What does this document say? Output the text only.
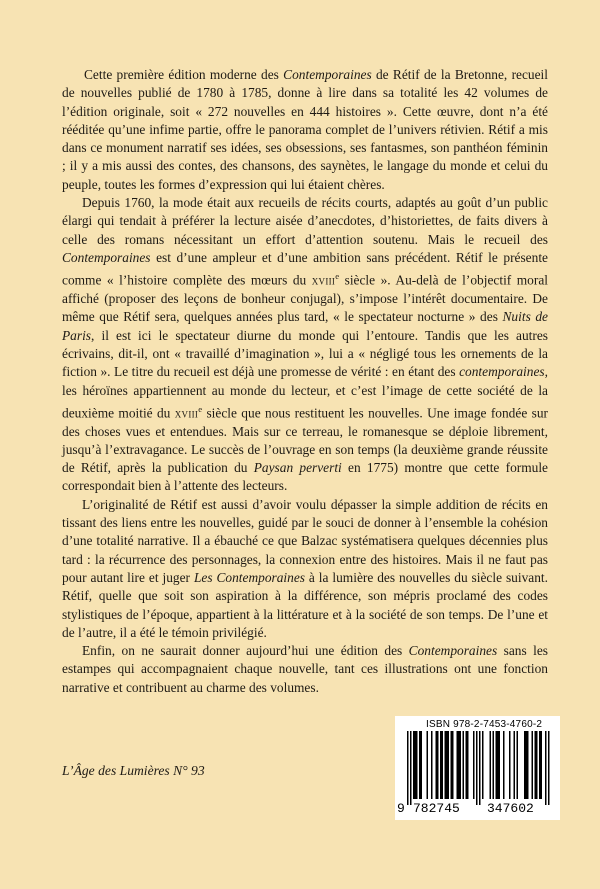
Cette première édition moderne des Contemporaines de Rétif de la Bretonne, recueil de nouvelles publié de 1780 à 1785, donne à lire dans sa totalité les 42 volumes de l’édition originale, soit « 272 nouvelles en 444 histoires ». Cette œuvre, dont n’a été rééditée qu’une infime partie, offre le panorama complet de l’univers rétivien. Rétif a mis dans ce monument narratif ses idées, ses obsessions, ses fantasmes, son panthéon féminin ; il y a mis aussi des contes, des chansons, des saynètes, le langage du monde et celui du peuple, toutes les formes d’expression qui lui étaient chères.

Depuis 1760, la mode était aux recueils de récits courts, adaptés au goût d’un public élargi qui tendait à préférer la lecture aisée d’anecdotes, d’historiettes, de faits divers à celle des romans nécessitant un effort d’attention soutenu. Mais le recueil des Contemporaines est d’une ampleur et d’une ambition sans précédent. Rétif le présente comme « l’histoire complète des mœurs du xviii$^e$ siècle ». Au-delà de l’objectif moral affiché (proposer des leçons de bonheur conjugal), s’impose l’intérêt documentaire. De même que Rétif sera, quelques années plus tard, « le spectateur nocturne » des Nuits de Paris, il est ici le spectateur diurne du monde qui l’entoure. Tandis que les autres écrivains, dit-il, ont « travaillé d’imagination », lui a « négligé tous les ornements de la fiction ». Le titre du recueil est déjà une promesse de vérité : en étant des contemporaines, les héroïnes appartiennent au monde du lecteur, et c’est l’image de cette société de la deuxième moitié du xviii$^e$ siècle que nous restituent les nouvelles. Une image fondée sur des choses vues et entendues. Mais sur ce terreau, le romanesque se déploie librement, jusqu’à l’extravagance. Le succès de l’ouvrage en son temps (la deuxième grande réussite de Rétif, après la publication du Paysan perverti en 1775) montre que cette formule correspondait bien à l’attente des lecteurs.

L’originalité de Rétif est aussi d’avoir voulu dépasser la simple addition de récits en tissant des liens entre les nouvelles, guidé par le souci de donner à l’ensemble la cohésion d’une totalité narrative. Il a ébauché ce que Balzac systématisera quelques décennies plus tard : la récurrence des personnages, la connexion entre des histoires. Mais il ne faut pas pour autant lire et juger Les Contemporaines à la lumière des nouvelles du siècle suivant. Rétif, quelle que soit son aspiration à la différence, son mépris proclamé des codes stylistiques de l’époque, appartient à la littérature et à la société de son temps. De l’une et de l’autre, il a été le témoin privilégié.

Enfin, on ne saurait donner aujourd’hui une édition des Contemporaines sans les estampes qui accompagnaient chaque nouvelle, tant ces illustrations ont une fonction narrative et contribuent au charme des volumes.

L’Âge des Lumières N° 93
ISBN 978-2-7453-4760-2
9 782745 347602
